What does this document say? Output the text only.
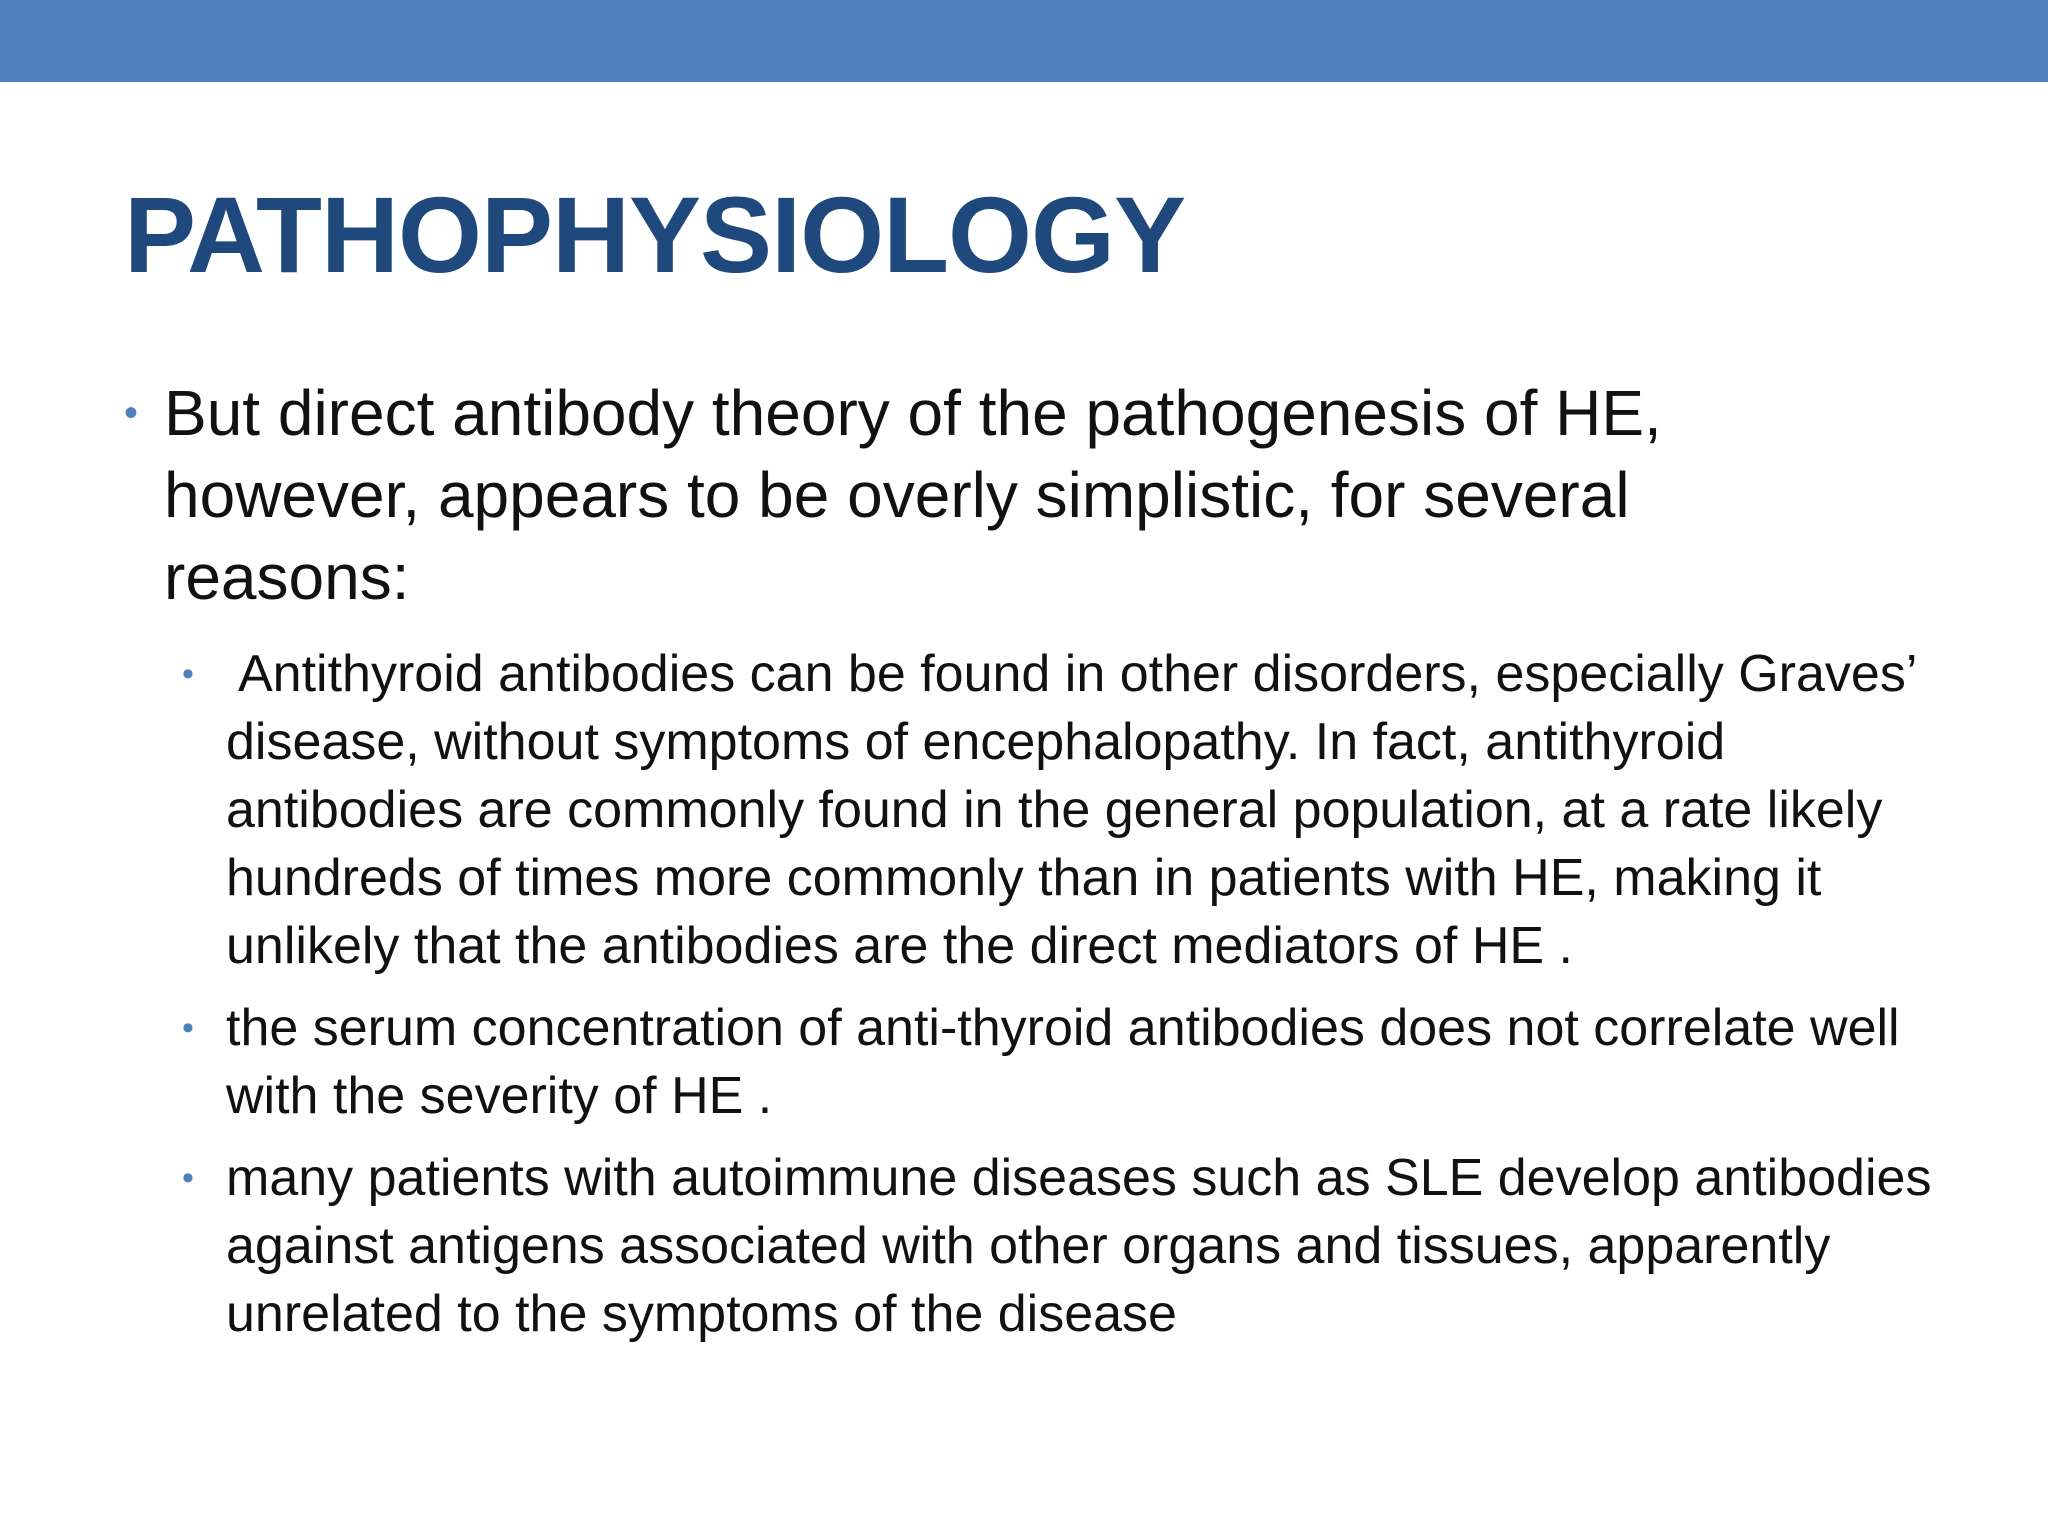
PATHOPHYSIOLOGY
• But direct antibody theory of the pathogenesis of HE, however, appears to be overly simplistic, for several reasons:
• Antithyroid antibodies can be found in other disorders, especially Graves’ disease, without symptoms of encephalopathy. In fact, antithyroid antibodies are commonly found in the general population, at a rate likely hundreds of times more commonly than in patients with HE, making it unlikely that the antibodies are the direct mediators of HE .
• the serum concentration of anti-thyroid antibodies does not correlate well with the severity of HE .
• many patients with autoimmune diseases such as SLE develop antibodies against antigens associated with other organs and tissues, apparently unrelated to the symptoms of the disease
